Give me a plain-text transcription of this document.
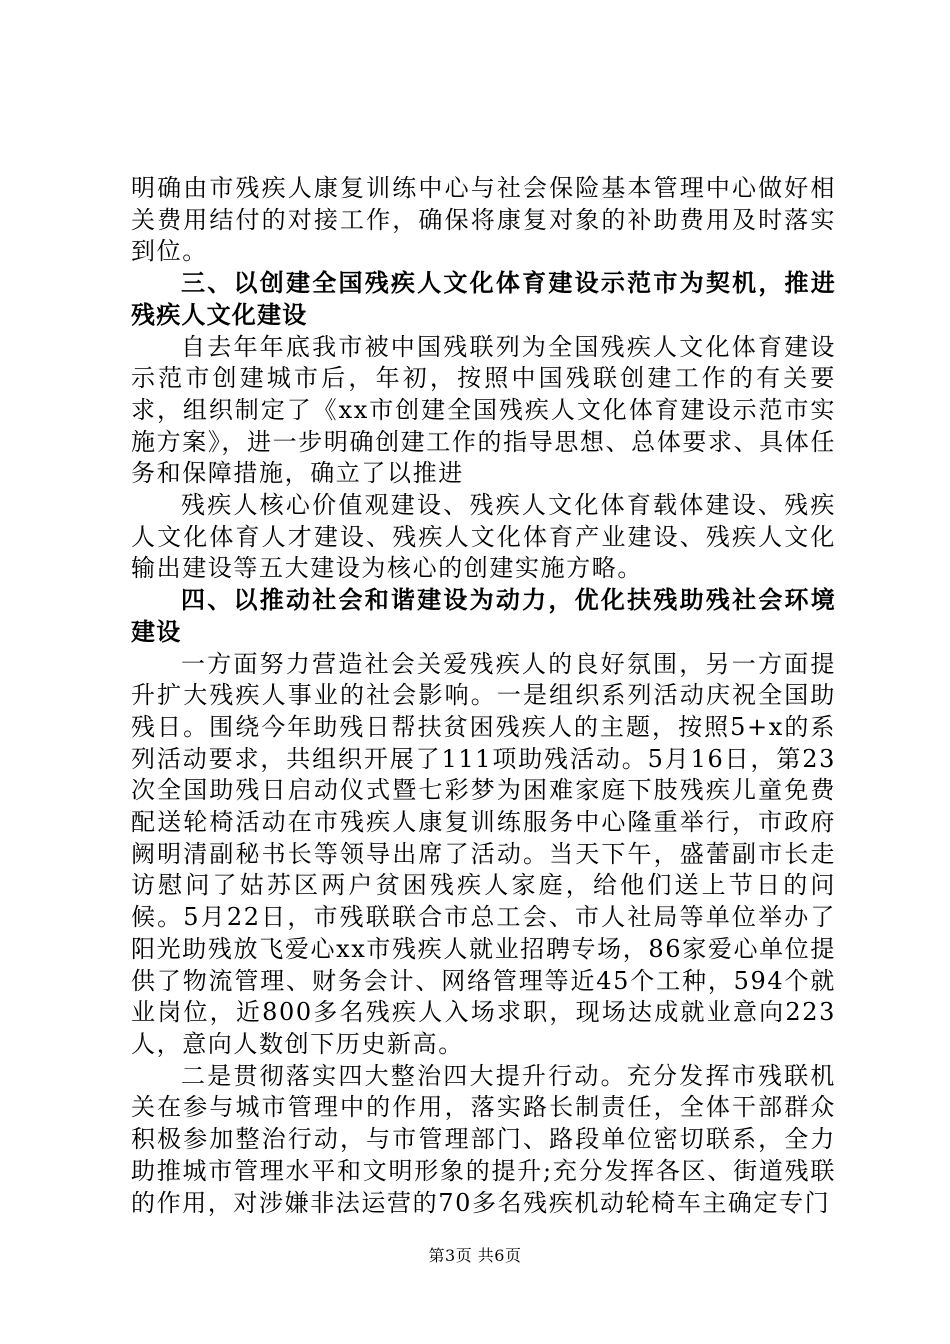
明确由市残疾人康复训练中心与社会保险基本管理中心做好相关费用结付的对接工作，确保将康复对象的补助费用及时落实到位。

三、以创建全国残疾人文化体育建设示范市为契机，推进残疾人文化建设

自去年年底我市被中国残联列为全国残疾人文化体育建设示范市创建城市后，年初，按照中国残联创建工作的有关要求，组织制定了《xx市创建全国残疾人文化体育建设示范市实施方案》，进一步明确创建工作的指导思想、总体要求、具体任务和保障措施，确立了以推进

残疾人核心价值观建设、残疾人文化体育载体建设、残疾人文化体育人才建设、残疾人文化体育产业建设、残疾人文化输出建设等五大建设为核心的创建实施方略。

四、以推动社会和谐建设为动力，优化扶残助残社会环境建设

一方面努力营造社会关爱残疾人的良好氛围，另一方面提升扩大残疾人事业的社会影响。一是组织系列活动庆祝全国助残日。围绕今年助残日帮扶贫困残疾人的主题，按照5+x的系列活动要求，共组织开展了111项助残活动。5月16日，第23次全国助残日启动仪式暨七彩梦为困难家庭下肢残疾儿童免费配送轮椅活动在市残疾人康复训练服务中心隆重举行，市政府阙明清副秘书长等领导出席了活动。当天下午，盛蕾副市长走访慰问了姑苏区两户贫困残疾人家庭，给他们送上节日的问候。5月22日，市残联联合市总工会、市人社局等单位举办了阳光助残放飞爱心xx市残疾人就业招聘专场，86家爱心单位提供了物流管理、财务会计、网络管理等近45个工种，594个就业岗位，近800多名残疾人入场求职，现场达成就业意向223人，意向人数创下历史新高。

二是贯彻落实四大整治四大提升行动。充分发挥市残联机关在参与城市管理中的作用，落实路长制责任，全体干部群众积极参加整治行动，与市管理部门、路段单位密切联系，全力助推城市管理水平和文明形象的提升;充分发挥各区、街道残联的作用，对涉嫌非法运营的70多名残疾机动轮椅车主确定专门

第3页 共6页
